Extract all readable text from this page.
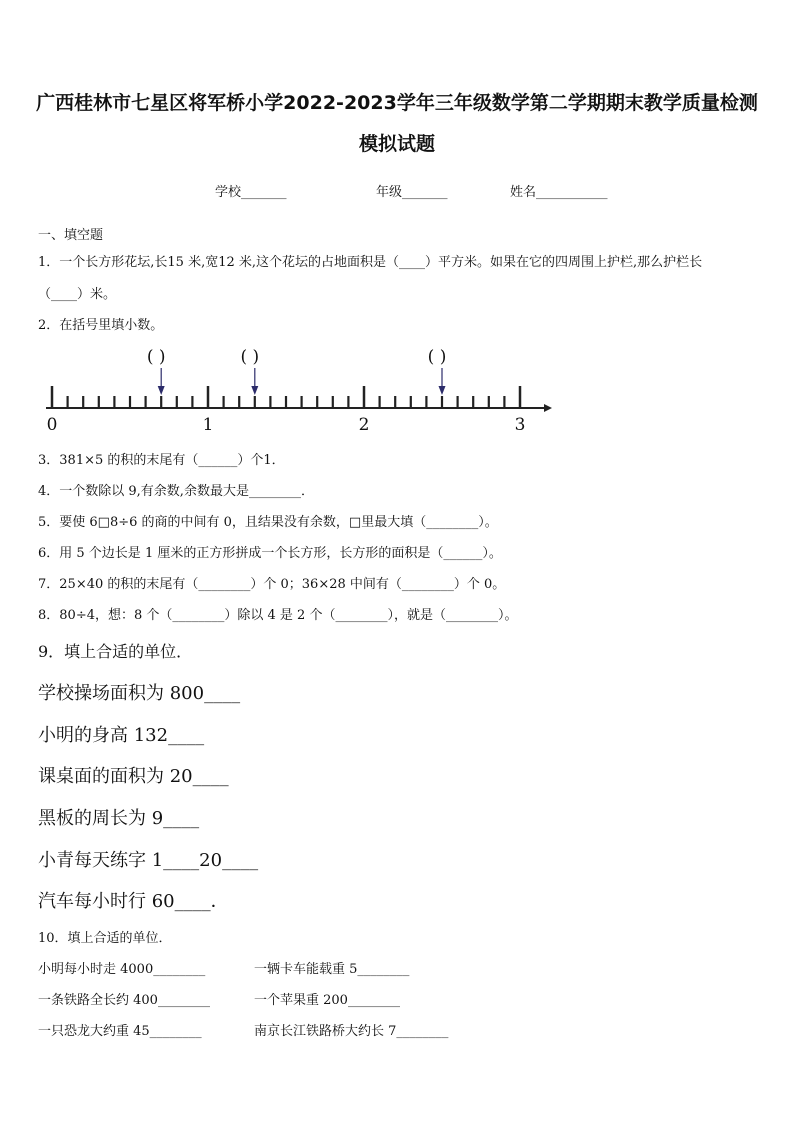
广西桂林市七星区将军桥小学2022-2023学年三年级数学第二学期期末教学质量检测
模拟试题
学校_______	年级_______	姓名___________
一、填空题
1．一个长方形花坛,长15 米,宽12 米,这个花坛的占地面积是（____）平方米。如果在它的四周围上护栏,那么护栏长
（____）米。
2．在括号里填小数。
0	1	2	3
( )	( )	( )
3．381×5 的积的末尾有（______）个1．
4．一个数除以 9,有余数,余数最大是________．
5．要使 6□8÷6 的商的中间有 0，且结果没有余数，□里最大填（________）。
6．用 5 个边长是 1 厘米的正方形拼成一个长方形，长方形的面积是（______）。
7．25×40 的积的末尾有（________）个 0；36×28 中间有（________）个 0。
8．80÷4，想：8 个（________）除以 4 是 2 个（________），就是（________）。
9．填上合适的单位．
学校操场面积为 800____
小明的身高 132____
课桌面的面积为 20____
黑板的周长为 9____
小青每天练字 1____20____
汽车每小时行 60____．
10．填上合适的单位．
小明每小时走 4000________	一辆卡车能载重 5________
一条铁路全长约 400________	一个苹果重 200________
一只恐龙大约重 45________	南京长江铁路桥大约长 7________
